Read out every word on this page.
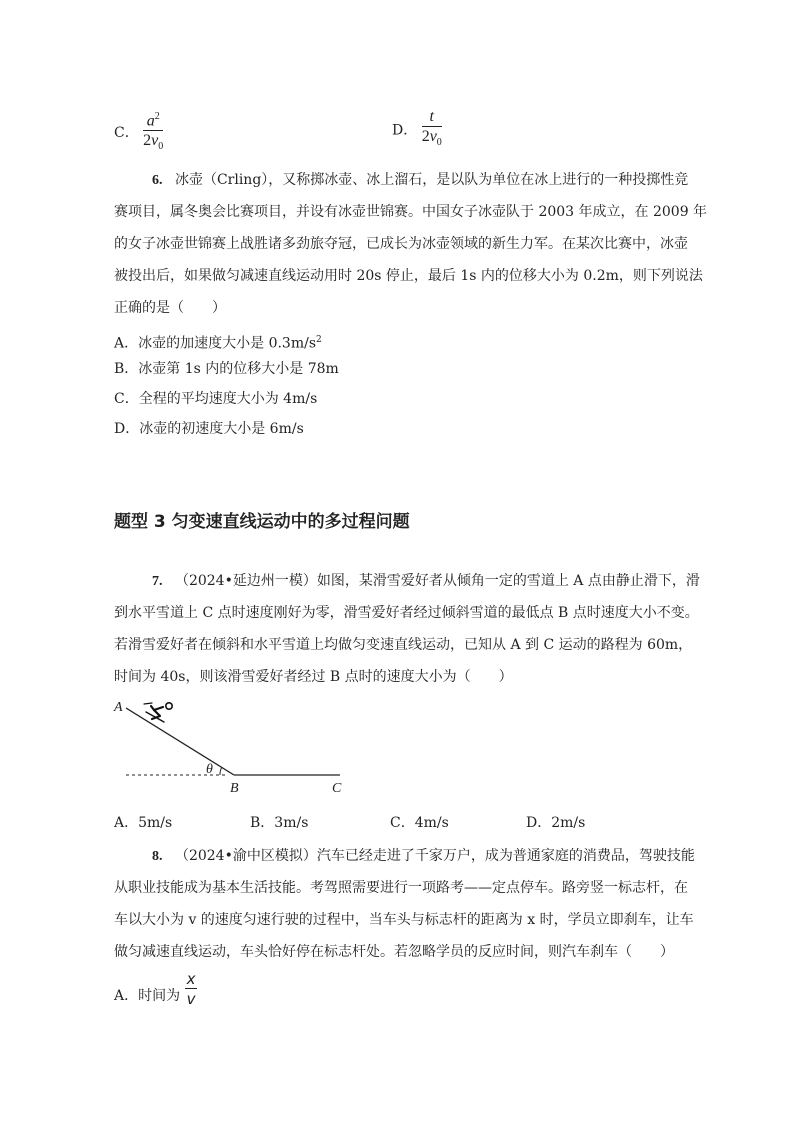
C． $\frac{a^2}{2v_0}$	D． $\frac{t}{2v_0}$
6. 冰壶（Crling），又称掷冰壶、冰上溜石，是以队为单位在冰上进行的一种投掷性竞
赛项目，属冬奥会比赛项目，并设有冰壶世锦赛。中国女子冰壶队于 2003 年成立，在 2009 年
的女子冰壶世锦赛上战胜诸多劲旅夺冠，已成长为冰壶领域的新生力军。在某次比赛中，冰壶
被投出后，如果做匀减速直线运动用时 20s 停止，最后 1s 内的位移大小为 0.2m，则下列说法
正确的是（　　）
A．冰壶的加速度大小是 $0.3m/s^2$
B．冰壶第 1s 内的位移大小是 78m
C．全程的平均速度大小为 4m/s
D．冰壶的初速度大小是 6m/s
题型 3 匀变速直线运动中的多过程问题
7. （2024•延边州一模）如图，某滑雪爱好者从倾角一定的雪道上 A 点由静止滑下，滑
到水平雪道上 C 点时速度刚好为零，滑雪爱好者经过倾斜雪道的最低点 B 点时速度大小不变。
若滑雪爱好者在倾斜和水平雪道上均做匀变速直线运动，已知从 A 到 C 运动的路程为 60m，
时间为 40s，则该滑雪爱好者经过 B 点时的速度大小为（　　）
A
θ
B	C
A．5m/s	B．3m/s	C．4m/s	D．2m/s
8. （2024•渝中区模拟）汽车已经走进了千家万户，成为普通家庭的消费品，驾驶技能
从职业技能成为基本生活技能。考驾照需要进行一项路考——定点停车。路旁竖一标志杆，在
车以大小为 v 的速度匀速行驶的过程中，当车头与标志杆的距离为 x 时，学员立即刹车，让车
做匀减速直线运动，车头恰好停在标志杆处。若忽略学员的反应时间，则汽车刹车（　　）
A．时间为 $\frac{x}{v}$
